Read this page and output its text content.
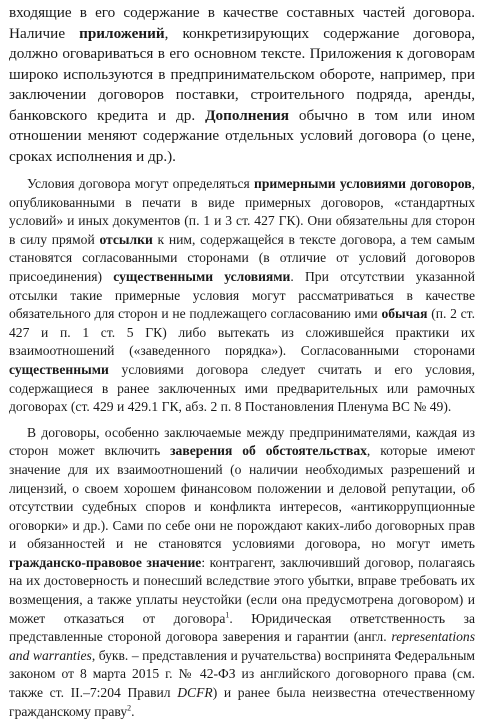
входящие в его содержание в качестве составных частей договора. Наличие приложений, конкретизирующих содержание договора, должно оговариваться в его основном тексте. Приложения к договорам широко используются в предпринимательском обороте, например, при заключении договоров поставки, строительного подряда, аренды, банковского кредита и др. Дополнения обычно в том или ином отношении меняют содержание отдельных условий договора (о цене, сроках исполнения и др.).

Условия договора могут определяться примерными условиями договоров, опубликованными в печати в виде примерных договоров, «стандартных условий» и иных документов (п. 1 и 3 ст. 427 ГК). Они обязательны для сторон в силу прямой отсылки к ним, содержащейся в тексте договора, а тем самым становятся согласованными сторонами (в отличие от условий договоров присоединения) существенными условиями. При отсутствии указанной отсылки такие примерные условия могут рассматриваться в качестве обязательного для сторон и не подлежащего согласованию ими обычая (п. 2 ст. 427 и п. 1 ст. 5 ГК) либо вытекать из сложившейся практики их взаимоотношений («заведенного порядка»). Согласованными сторонами существенными условиями договора следует считать и его условия, содержащиеся в ранее заключенных ими предварительных или рамочных договорах (ст. 429 и 429.1 ГК, абз. 2 п. 8 Постановления Пленума ВС № 49).

В договоры, особенно заключаемые между предпринимателями, каждая из сторон может включить заверения об обстоятельствах, которые имеют значение для их взаимоотношений (о наличии необходимых разрешений и лицензий, о своем хорошем финансовом положении и деловой репутации, об отсутствии судебных споров и конфликта интересов, «антикоррупционные оговорки» и др.). Сами по себе они не порождают каких-либо договорных прав и обязанностей и не становятся условиями договора, но могут иметь гражданско-правовое значение: контрагент, заключивший договор, полагаясь на их достоверность и понесший вследствие этого убытки, вправе требовать их возмещения, а также уплаты неустойки (если она предусмотрена договором) и может отказаться от договора$^1$. Юридическая ответственность за представленные стороной договора заверения и гарантии (англ. representations and warranties, букв. – представления и ручательства) воспринята Федеральным законом от 8 марта 2015 г. № 42-ФЗ из английского договорного права (см. также ст. II.–7:204 Правил DCFR) и ранее была неизвестна отечественному гражданскому праву$^2$.
